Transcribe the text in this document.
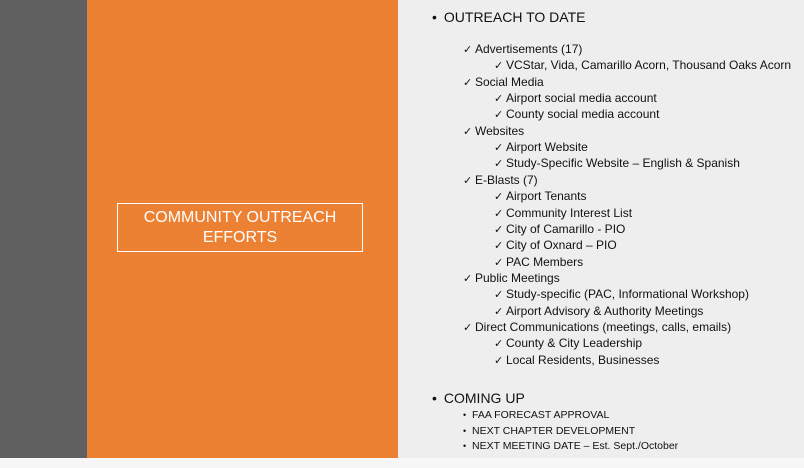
COMMUNITY OUTREACH
EFFORTS
• OUTREACH TO DATE
• COMING UP
✓ Advertisements (17)
✓ VCStar, Vida, Camarillo Acorn, Thousand Oaks Acorn
✓ Social Media
✓ Airport social media account
✓ County social media account
✓ Websites
✓ Airport Website
✓ Study-Specific Website – English & Spanish
✓ E-Blasts (7)
✓ Airport Tenants
✓ Community Interest List
✓ City of Camarillo - PIO
✓ City of Oxnard – PIO
✓ PAC Members
✓ Public Meetings
✓ Study-specific (PAC, Informational Workshop)
✓ Airport Advisory & Authority Meetings
✓ Direct Communications (meetings, calls, emails)
✓ County & City Leadership
✓ Local Residents, Businesses
• FAA FORECAST APPROVAL
• NEXT CHAPTER DEVELOPMENT
• NEXT MEETING DATE – Est. Sept./October
